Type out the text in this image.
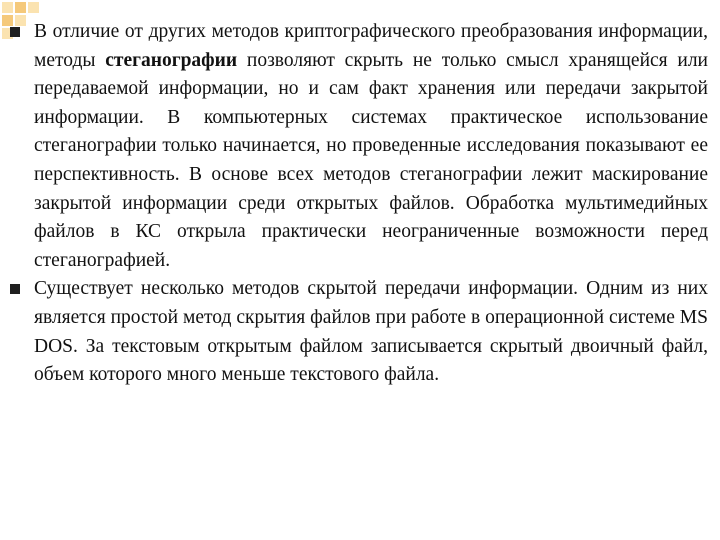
В отличие от других методов криптографического преобразования информации, методы стеганографии позволяют скрыть не только смысл хранящейся или передаваемой информации, но и сам факт хранения или передачи закрытой информации. В компьютерных системах практическое использование стеганографии только начинается, но проведенные исследования показывают ее перспективность. В основе всех методов стеганографии лежит маскирование закрытой информации среди открытых файлов. Обработка мультимедийных файлов в КС открыла практически неограниченные возможности перед стеганографией.

Существует несколько методов скрытой передачи информации. Одним из них является простой метод скрытия файлов при работе в операционной системе MS DOS. За текстовым открытым файлом записывается скрытый двоичный файл, объем которого много меньше текстового файла.
